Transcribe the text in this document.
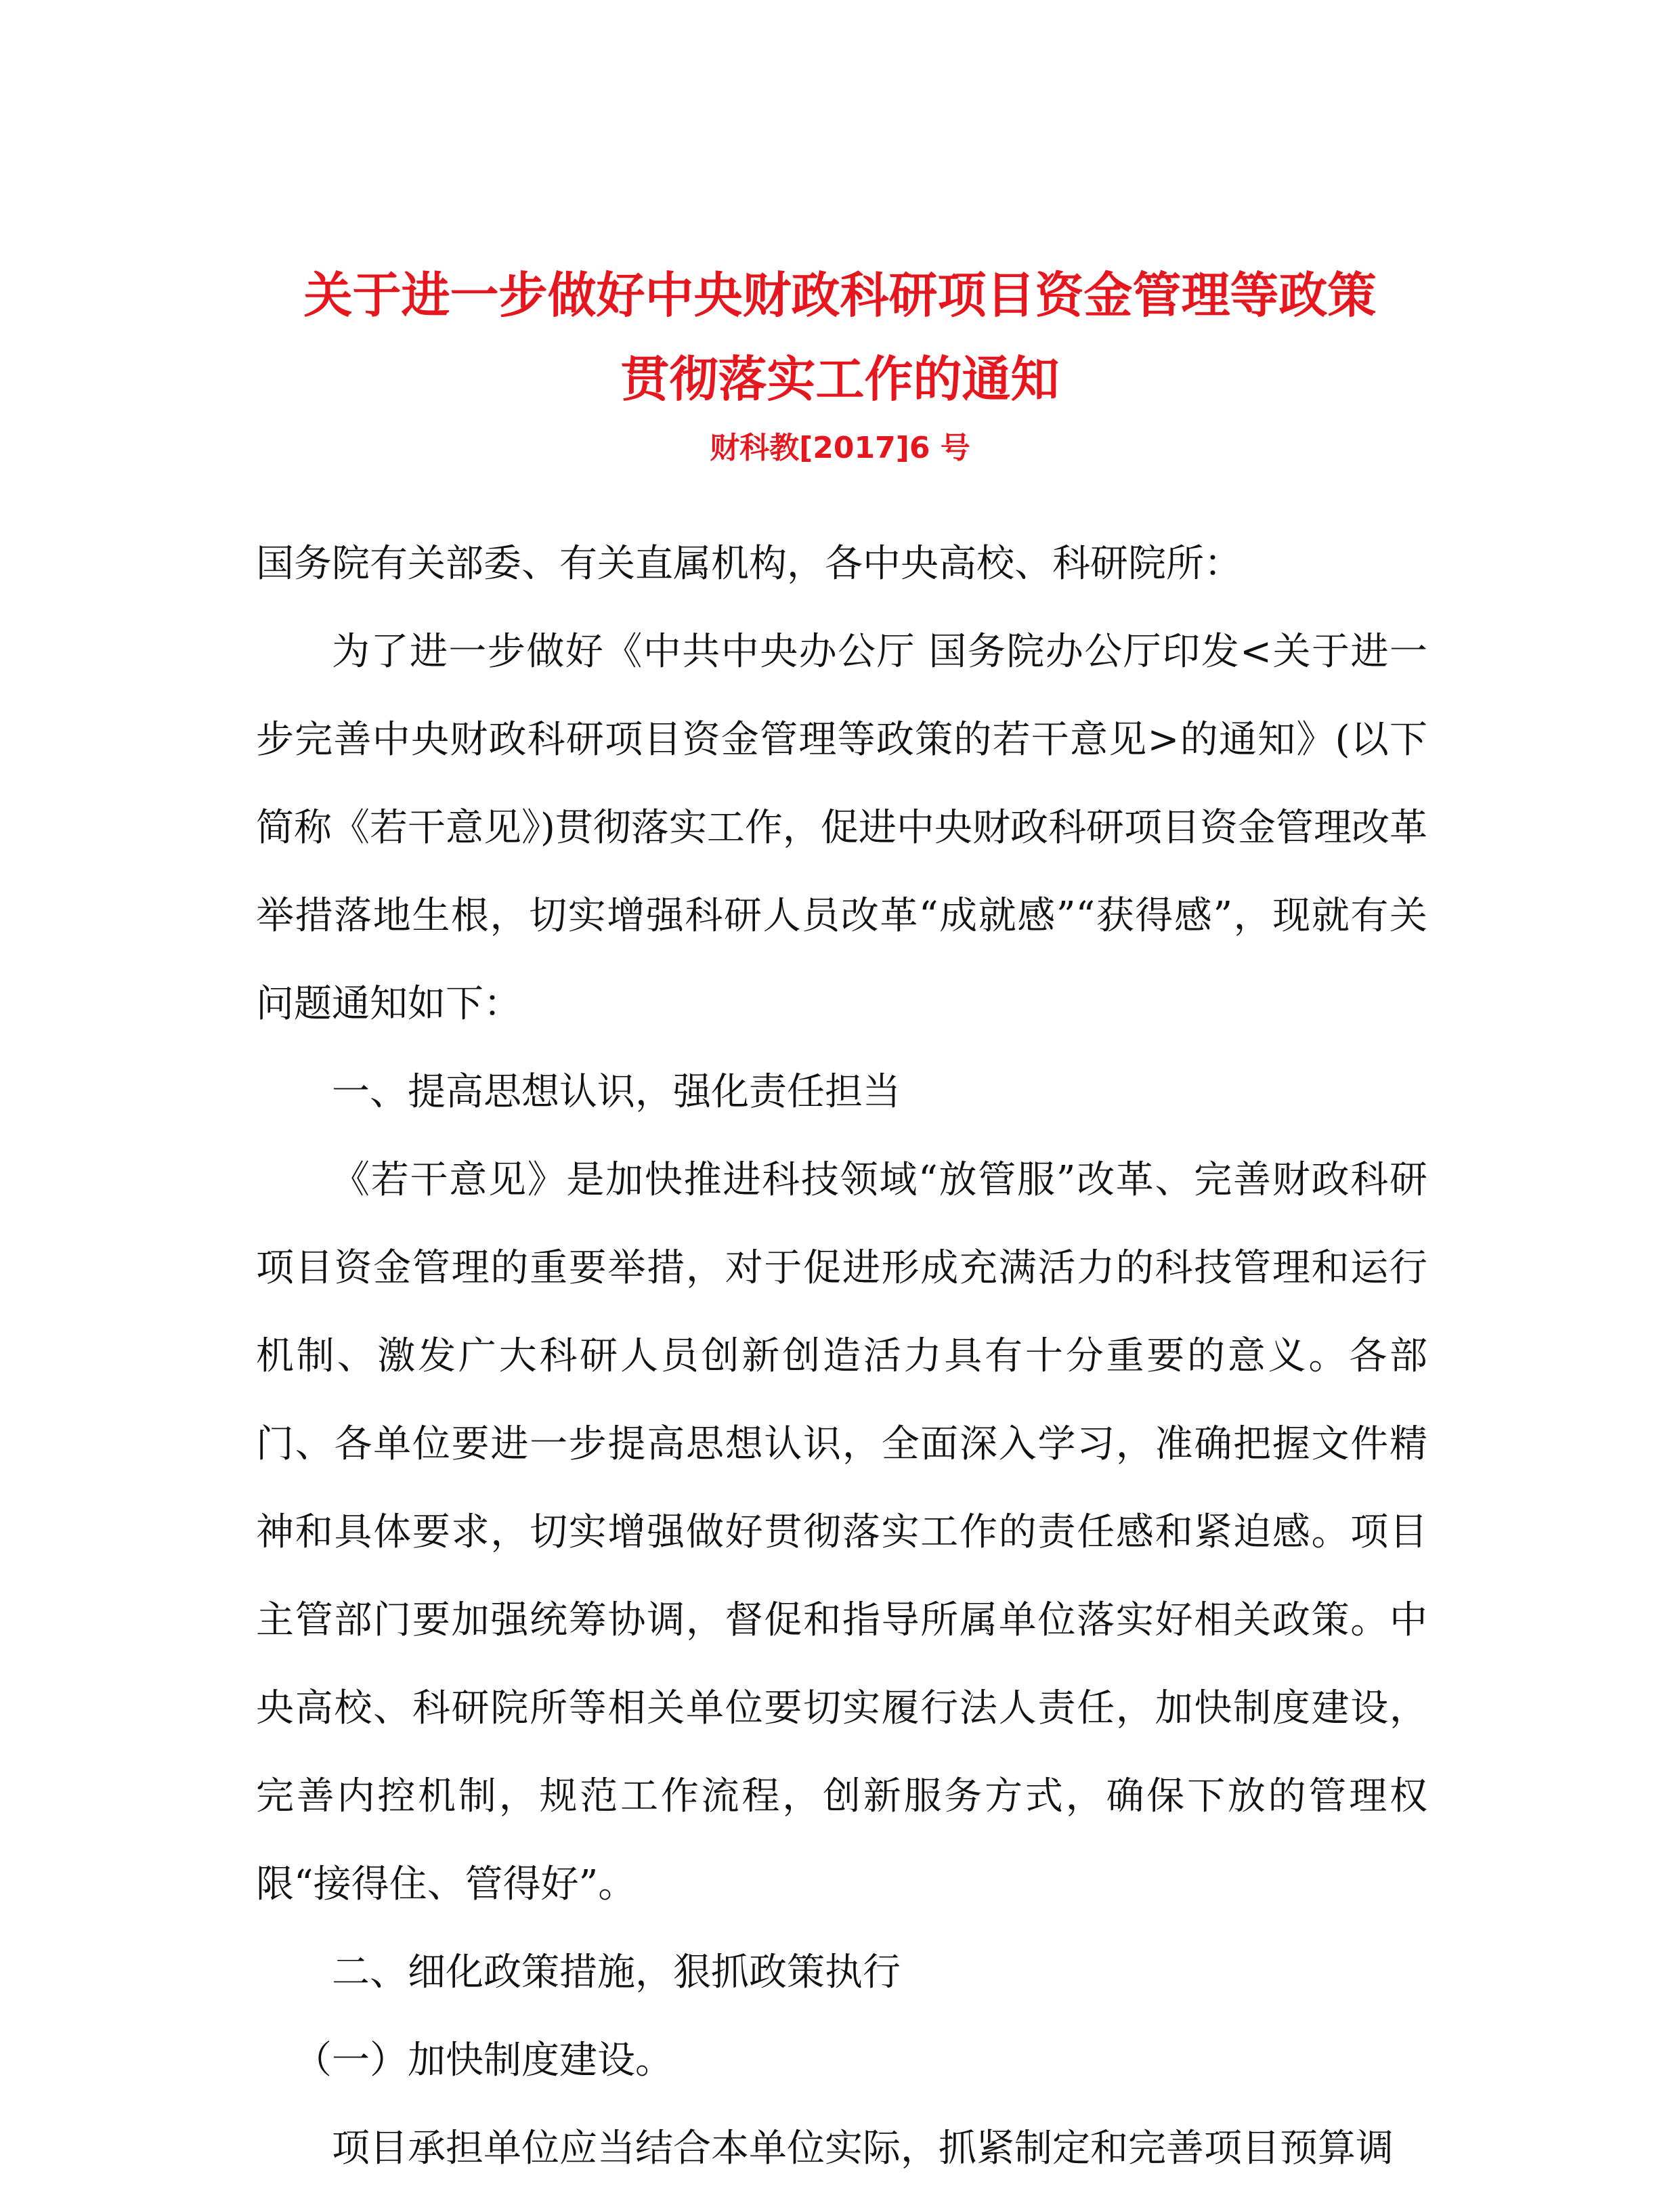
关于进一步做好中央财政科研项目资金管理等政策
贯彻落实工作的通知
财科教[2017]6 号

国务院有关部委、有关直属机构，各中央高校、科研院所：

为了进一步做好《中共中央办公厅 国务院办公厅印发<关于进一步完善中央财政科研项目资金管理等政策的若干意见>的通知》(以下简称《若干意见》)贯彻落实工作，促进中央财政科研项目资金管理改革举措落地生根，切实增强科研人员改革“成就感”“获得感”，现就有关问题通知如下：

一、提高思想认识，强化责任担当

《若干意见》是加快推进科技领域“放管服”改革、完善财政科研项目资金管理的重要举措，对于促进形成充满活力的科技管理和运行机制、激发广大科研人员创新创造活力具有十分重要的意义。各部门、各单位要进一步提高思想认识，全面深入学习，准确把握文件精神和具体要求，切实增强做好贯彻落实工作的责任感和紧迫感。项目主管部门要加强统筹协调，督促和指导所属单位落实好相关政策。中央高校、科研院所等相关单位要切实履行法人责任，加快制度建设，完善内控机制，规范工作流程，创新服务方式，确保下放的管理权限“接得住、管得好”。

二、细化政策措施，狠抓政策执行

（一）加快制度建设。

项目承担单位应当结合本单位实际，抓紧制定和完善项目预算调
